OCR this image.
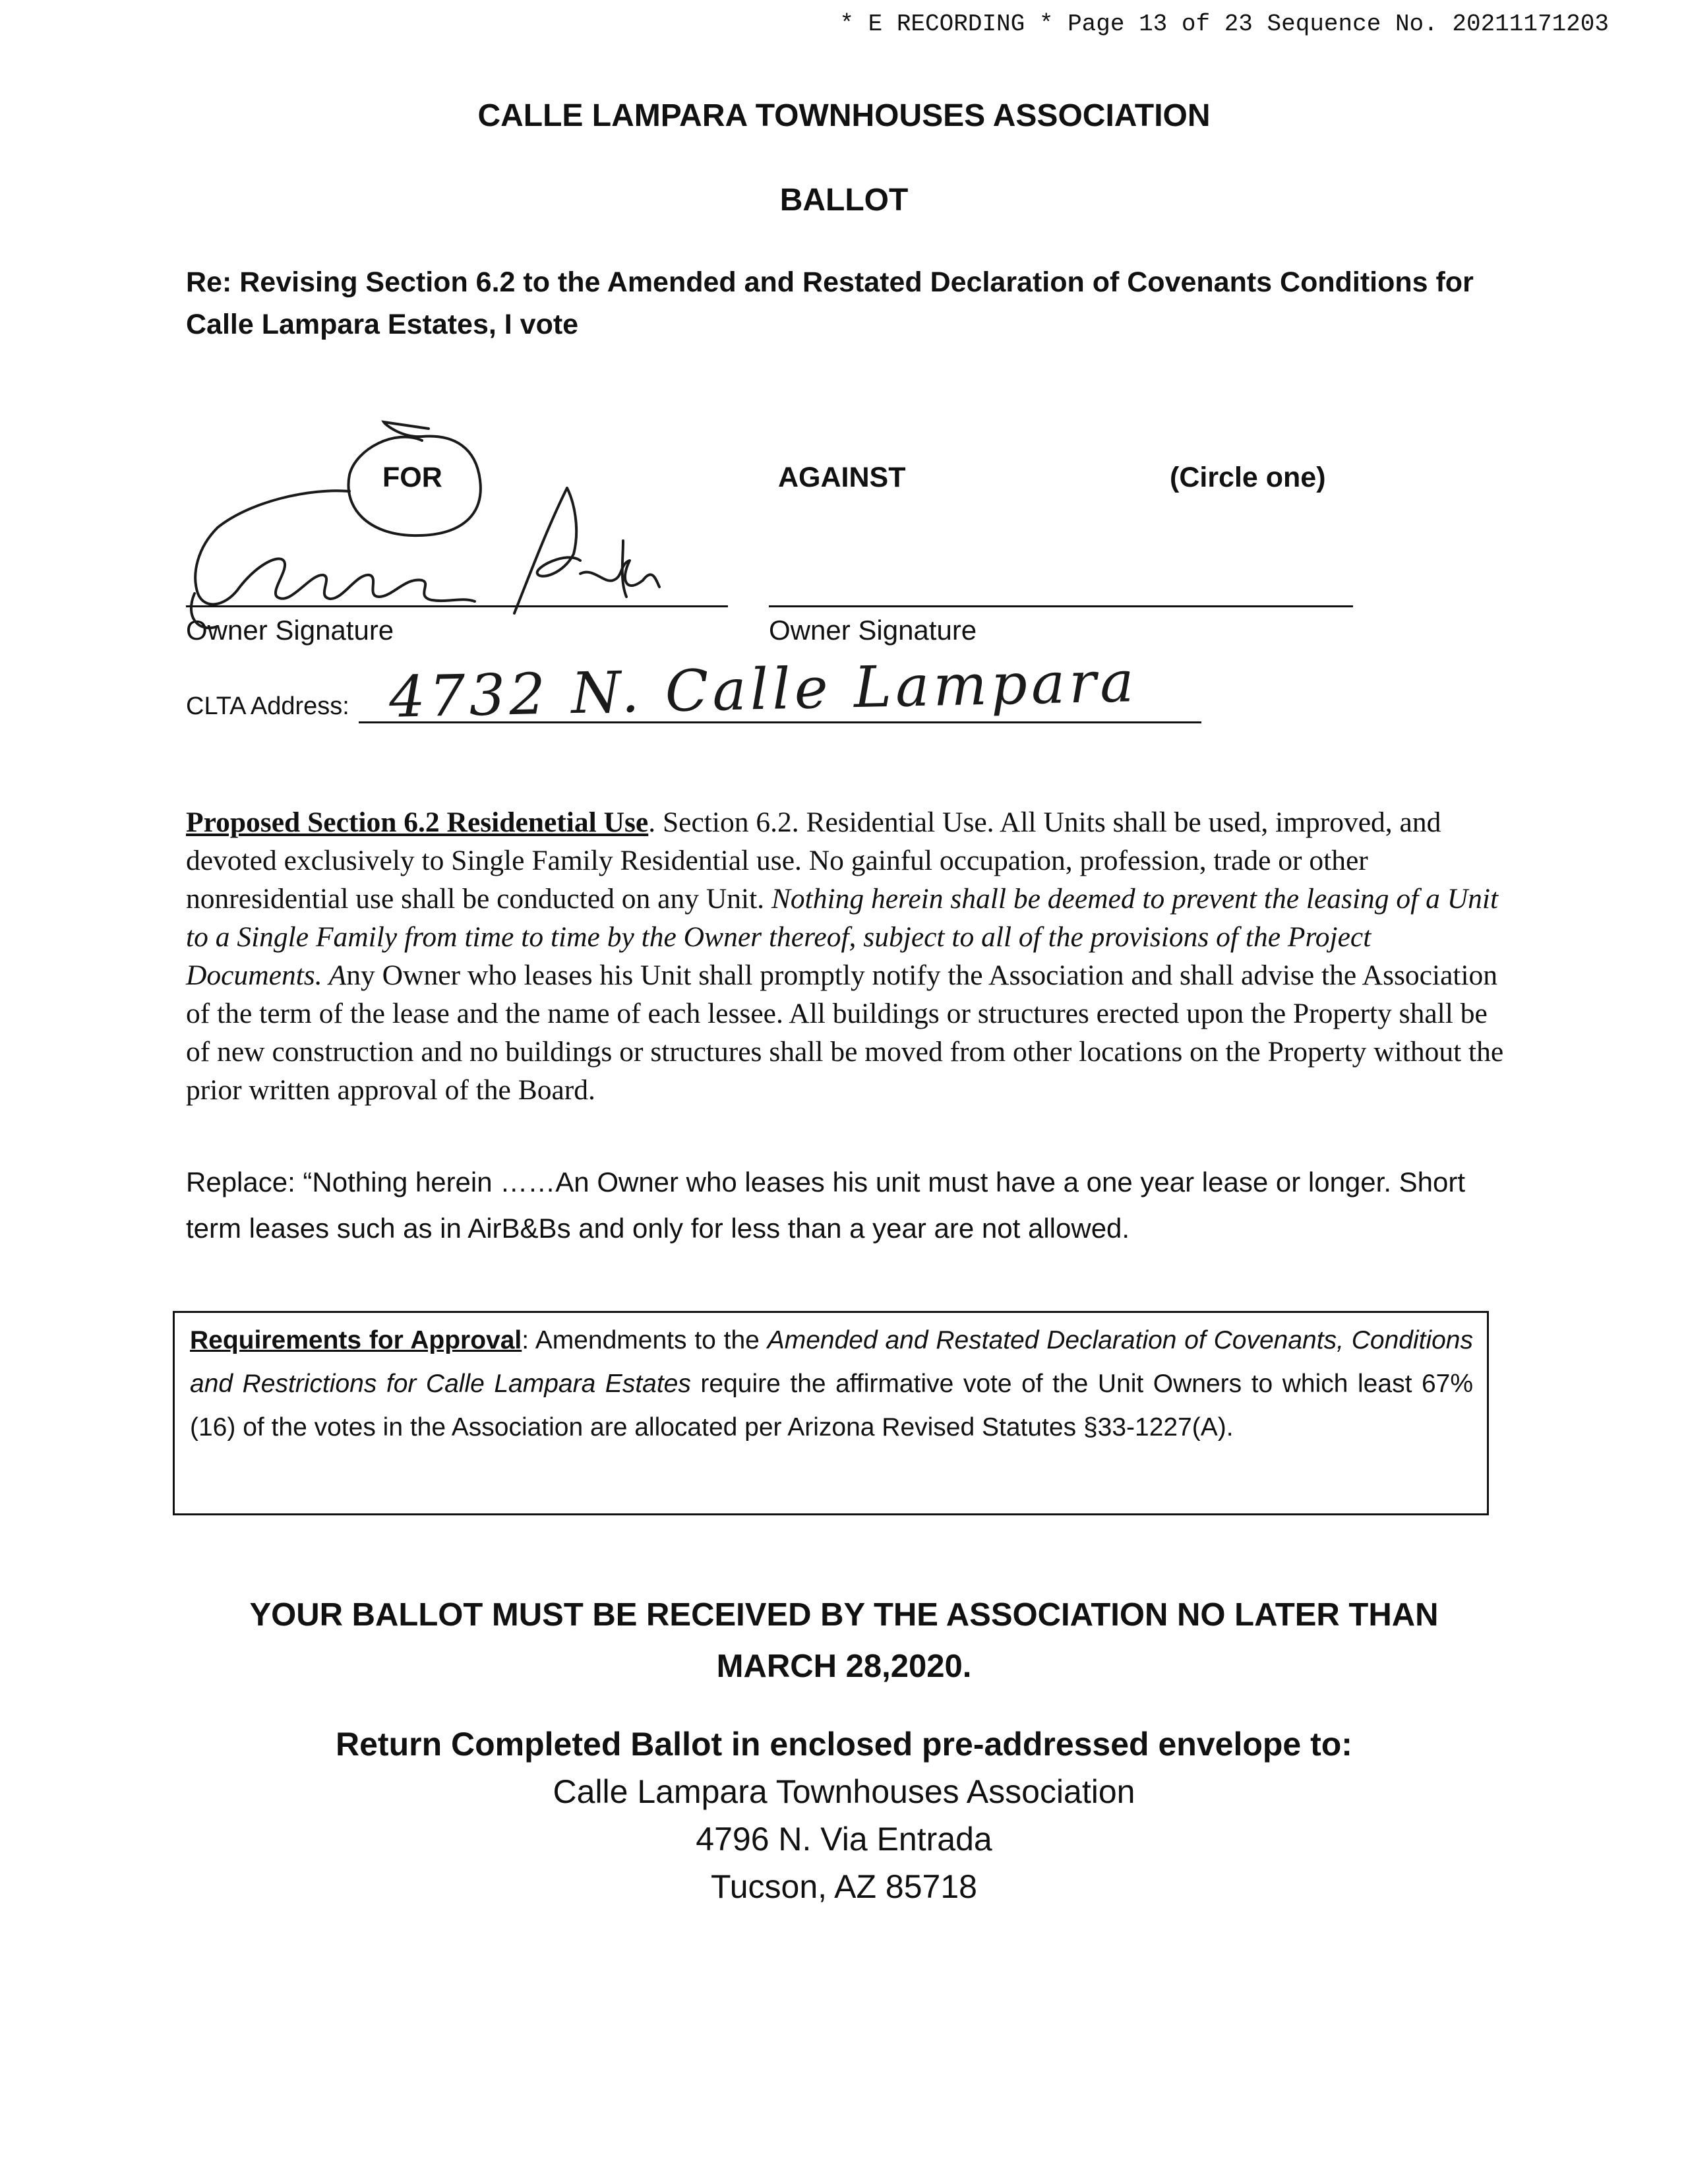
* E RECORDING * Page 13 of 23 Sequence No. 20211171203
CALLE LAMPARA TOWNHOUSES ASSOCIATION
BALLOT
Re: Revising Section 6.2 to the Amended and Restated Declaration of Covenants Conditions for Calle Lampara Estates, I vote
FOR	AGAINST	(Circle one)
Owner Signature	Owner Signature
CLTA Address: 4732 N. Calle Lampara
Proposed Section 6.2 Residenetial Use. Section 6.2. Residential Use. All Units shall be used, improved, and devoted exclusively to Single Family Residential use. No gainful occupation, profession, trade or other nonresidential use shall be conducted on any Unit. Nothing herein shall be deemed to prevent the leasing of a Unit to a Single Family from time to time by the Owner thereof, subject to all of the provisions of the Project Documents. Any Owner who leases his Unit shall promptly notify the Association and shall advise the Association of the term of the lease and the name of each lessee. All buildings or structures erected upon the Property shall be of new construction and no buildings or structures shall be moved from other locations on the Property without the prior written approval of the Board.
Replace: “Nothing herein ……An Owner who leases his unit must have a one year lease or longer. Short term leases such as in AirB&Bs and only for less than a year are not allowed.
Requirements for Approval: Amendments to the Amended and Restated Declaration of Covenants, Conditions and Restrictions for Calle Lampara Estates require the affirmative vote of the Unit Owners to which least 67% (16) of the votes in the Association are allocated per Arizona Revised Statutes §33-1227(A).
YOUR BALLOT MUST BE RECEIVED BY THE ASSOCIATION NO LATER THAN
MARCH 28,2020.
Return Completed Ballot in enclosed pre-addressed envelope to:
Calle Lampara Townhouses Association
4796 N. Via Entrada
Tucson, AZ 85718
